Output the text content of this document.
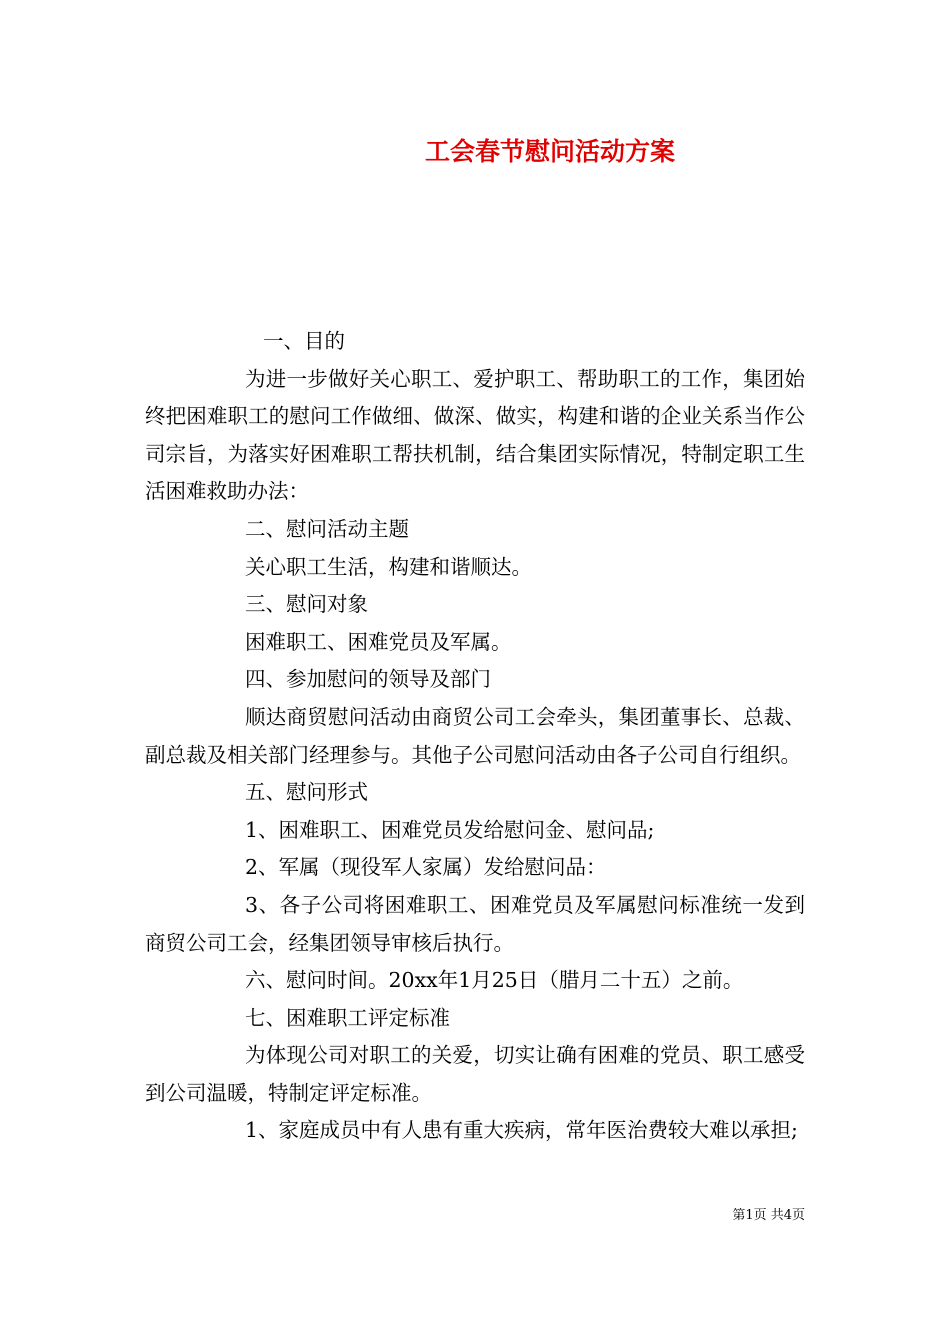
工会春节慰问活动方案

一、目的

为进一步做好关心职工、爱护职工、帮助职工的工作，集团始终把困难职工的慰问工作做细、做深、做实，构建和谐的企业关系当作公司宗旨，为落实好困难职工帮扶机制，结合集团实际情况，特制定职工生活困难救助办法：

二、慰问活动主题

关心职工生活，构建和谐顺达。

三、慰问对象

困难职工、困难党员及军属。

四、参加慰问的领导及部门

顺达商贸慰问活动由商贸公司工会牵头，集团董事长、总裁、副总裁及相关部门经理参与。其他子公司慰问活动由各子公司自行组织。

五、慰问形式

1、困难职工、困难党员发给慰问金、慰问品;

2、军属（现役军人家属）发给慰问品：

3、各子公司将困难职工、困难党员及军属慰问标准统一发到商贸公司工会，经集团领导审核后执行。

六、慰问时间。20xx年1月25日（腊月二十五）之前。

七、困难职工评定标准

为体现公司对职工的关爱，切实让确有困难的党员、职工感受到公司温暖，特制定评定标准。

1、家庭成员中有人患有重大疾病，常年医治费较大难以承担;

第1页 共4页
